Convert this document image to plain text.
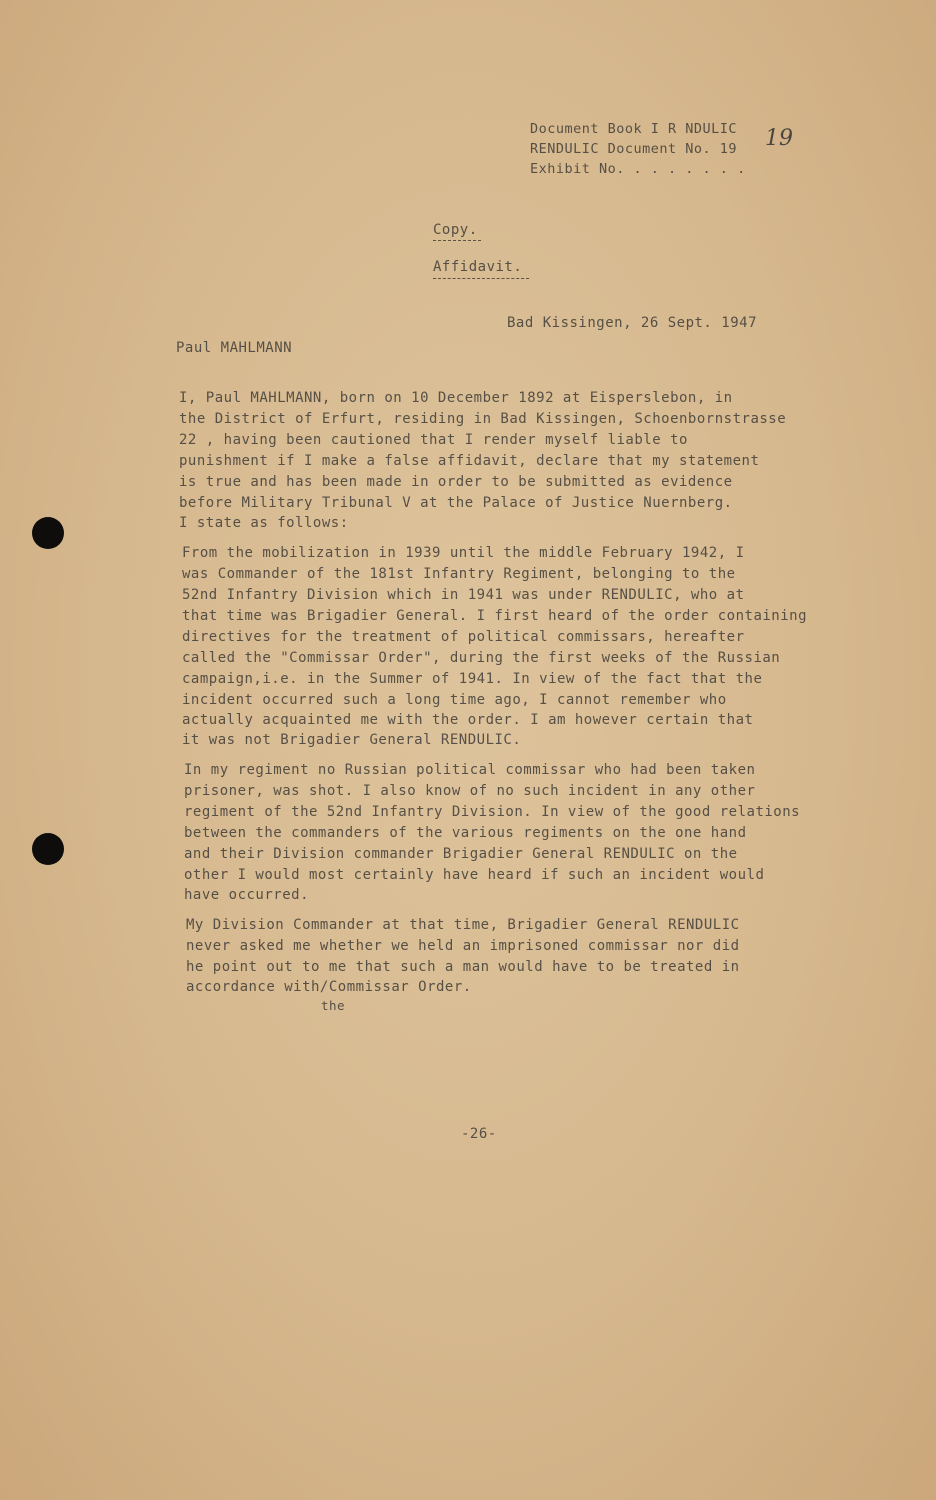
Document Book I R NDULIC
RENDULIC Document No. 19
Exhibit No. . . . . . . .
19
Copy.
Affidavit.
Bad Kissingen, 26 Sept. 1947
Paul MAHLMANN
I, Paul MAHLMANN, born on 10 December 1892 at Eisperslebon, in
the District of Erfurt, residing in Bad Kissingen, Schoenbornstrasse
22 , having been cautioned that I render myself liable to
punishment if I make a false affidavit, declare that my statement
is true and has been made in order to be submitted as evidence
before Military Tribunal V at the Palace of Justice Nuernberg.
I state as follows:
From the mobilization in 1939 until the middle February 1942, I
was Commander of the 181st Infantry Regiment, belonging to the
52nd Infantry Division which in 1941 was under RENDULIC, who at
that time was Brigadier General. I first heard of the order containing
directives for the treatment of political commissars, hereafter
called the "Commissar Order", during the first weeks of the Russian
campaign,i.e. in the Summer of 1941. In view of the fact that the
incident occurred such a long time ago, I cannot remember who
actually acquainted me with the order. I am however certain that
it was not Brigadier General RENDULIC.
In my regiment no Russian political commissar who had been taken
prisoner, was shot. I also know of no such incident in any other
regiment of the 52nd Infantry Division. In view of the good relations
between the commanders of the various regiments on the one hand
and their Division commander Brigadier General RENDULIC on the
other I would most certainly have heard if such an incident would
have occurred.
My Division Commander at that time, Brigadier General RENDULIC
never asked me whether we held an imprisoned commissar nor did
he point out to me that such a man would have to be treated in
accordance with/Commissar Order.
the
-26-
